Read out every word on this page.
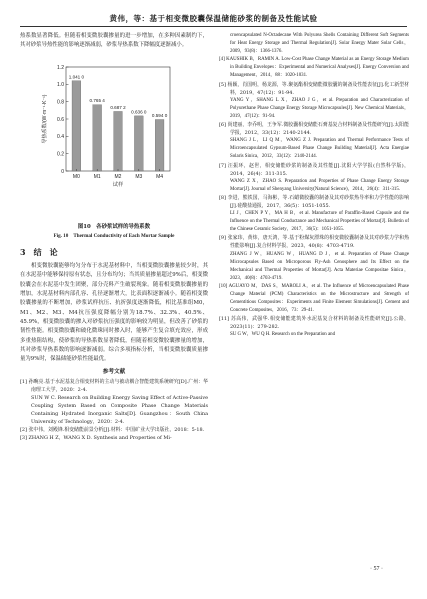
黄伟，等：基于相变微胶囊保温储能砂浆的制备及性能试验

热系数显著降低。但随着相变微胶囊掺量的进一步增加，在多种因素制约下，其对砂浆导热性能的影响逐渐减弱，砂浆导热系数下降幅度逐渐减小。

0
0.2
0.4
0.6
0.8
1.0
1.2
导热系数/(W·m⁻¹·K⁻¹)
1.041 0
M0
0.765 4
M1
0.687 2
M2
0.636 0
M3
0.594 0
M4
试样
图10　各砂浆试样的导热系数
Fig. 10　Thermal Conductivity of Each Mortar Sample
3 结　论

相变微胶囊能够均匀分布于水泥基材料中，当相变微胶囊掺量较少时，其在水泥基中能够保持原有状态，且分布均匀；当其质量掺量超过9%后，相变微胶囊会在水泥基中发生团聚，部分壳料产生破裂现象。随着相变微胶囊掺量的增加，水泥基材料内部孔容、孔径逐渐增大，比表面积逐渐减小。随着相变微胶囊掺量的不断增加，砂浆试样抗压、抗折强度逐渐降低，相比基准组M0，M1、M2、M3、M4抗压强度降幅分别为18.7%、32.3%、40.5%、45.9%，相变微胶囊的掺入对砂浆抗压强度的影响较为明显，但改善了砂浆的韧性性能。相变微胶囊和破化微珠同时掺入时，能够产生复合填充效应，形成多重热阻结构，使砂浆的导热系数显著降低，但随着相变微胶囊掺量的增加，其对砂浆导热系数的影响逐渐减弱。综合多项指标分析，当相变微胶囊质量掺量为9%时，保温储能砂浆性能最优。

参考文献

[1] 孙畹亮.基于水泥基复合相变材料的主动与被动耦合智能建筑系统研究[D].广州：华南理工大学，2020：2-4.

SUN W C. Research on Building Energy Saving Effect of Active-Passive Coupling System Based on Composite Phase Change Materials Containing Hydrated Inorganic Salts[D]. Guangzhou：South China University of Technology，2020：2-4.

[2] 张中伟，刘殿锋.相变储能前景分析[J].材料：中国矿业大学出版社，2018：5-18.

[3] ZHANG H Z，WANG X D. Synthesis and Properties of Mi-

croencapsulated N-Octadecane With Polyurea Shells Containing Different Soft Segments for Heat Energy Storage and Thermal Regulation[J]. Solar Energy Mater Solar Cells，2009，93(8)：1366-1376.

[4] KAUSHIK B，RAMIN A. Low-Cost Phase Change Material as an Energy Storage Medium in Building Envelopes：Experimental and Numerical Analyses[J]. Energy Conversion and Management，2014，88：1020-1031.

[5] 杨颖，肖国明，杨龙源，等.聚氨酯相变储能微胶囊的制备及性能表征[J].化工新型材料，2019，47(12)：91-94.

YANG Y，SHANG L X，ZHAO J G，et al. Preparation and Characterization of Polyurethane Phase Change Energy Storage Microcapsules[J]. New Chemical Materials，2019，47(12)：91-94.

[6] 尚建丽，李乔明，王争军.微胶囊相变储能石膏基复合材料制备及性能研究[J].太阳能学报，2012，33(12)：2140-2144.

SHANG J L，LI Q M，WANG Z J. Preparation and Thermal Performance Tests of Microencapsulated Gypsum-Based Phase Change Building Material[J]. Acta Energiae Solaris Sinica，2012，33(12)：2140-2144.

[7] 汪振环，赵世，相变储能砂浆的制备及其性能[J].沈阳大学学报(自然科学版)，2014，26(4)：311-315.

WANG Z X，ZHAO S. Preparation and Properties of Phase Change Energy Storage Mortar[J]. Journal of Shenyang University(Natural Science)，2014，26(4)：311-315.

[8] 李进，熊铁国，马海彬，等.石蜡微胶囊的制备及其对砂浆热导率和力学性能的影响[J].硅酸盐通报，2017，36(5)：1051-1055.

LI J，CHEN P Y，MA H B，et al. Manufacture of Paraffin-Based Capsule and the Influence on the Thermal Conductance and Mechanical Properties of Mortar[J]. Bulletin of the Chinese Ceramic Society，2017，36(5)：1051-1055.

[9] 张家玮，黄炜，唐天鸿，等.基于粉煤灰漂珠的相变微胶囊制备及其对砂浆力学和热性能影响[J].复合材料学报，2023，40(8)：4703-4719.

ZHANG J W，HUANG W，HUANG D J，et al. Preparation of Phase Change Microcapsules Based on Microporous Fly-Ash Cenosphere and Its Effect on the Mechanical and Thermal Properties of Mortar[J]. Acta Materiae Compositae Sinica，2023，40(8)：4703-4719.

[10] AGUAYO M，DAS S，MAROLI A，et al. The Influence of Microencapsulated Phase Change Material (PCM) Characteristics on the Microstructure and Strength of Cementitious Composites：Experiments and Finite Element Simulations[J]. Cement and Concrete Composites，2016，73：29-41.

[11] 苏高伟，武强华.相变储能建筑外水泥基复合材料的制备及性能研究[J].公路，2023(11)：279-282.

SU G W，WU Q H. Research on the Preparation and

· 57 ·
